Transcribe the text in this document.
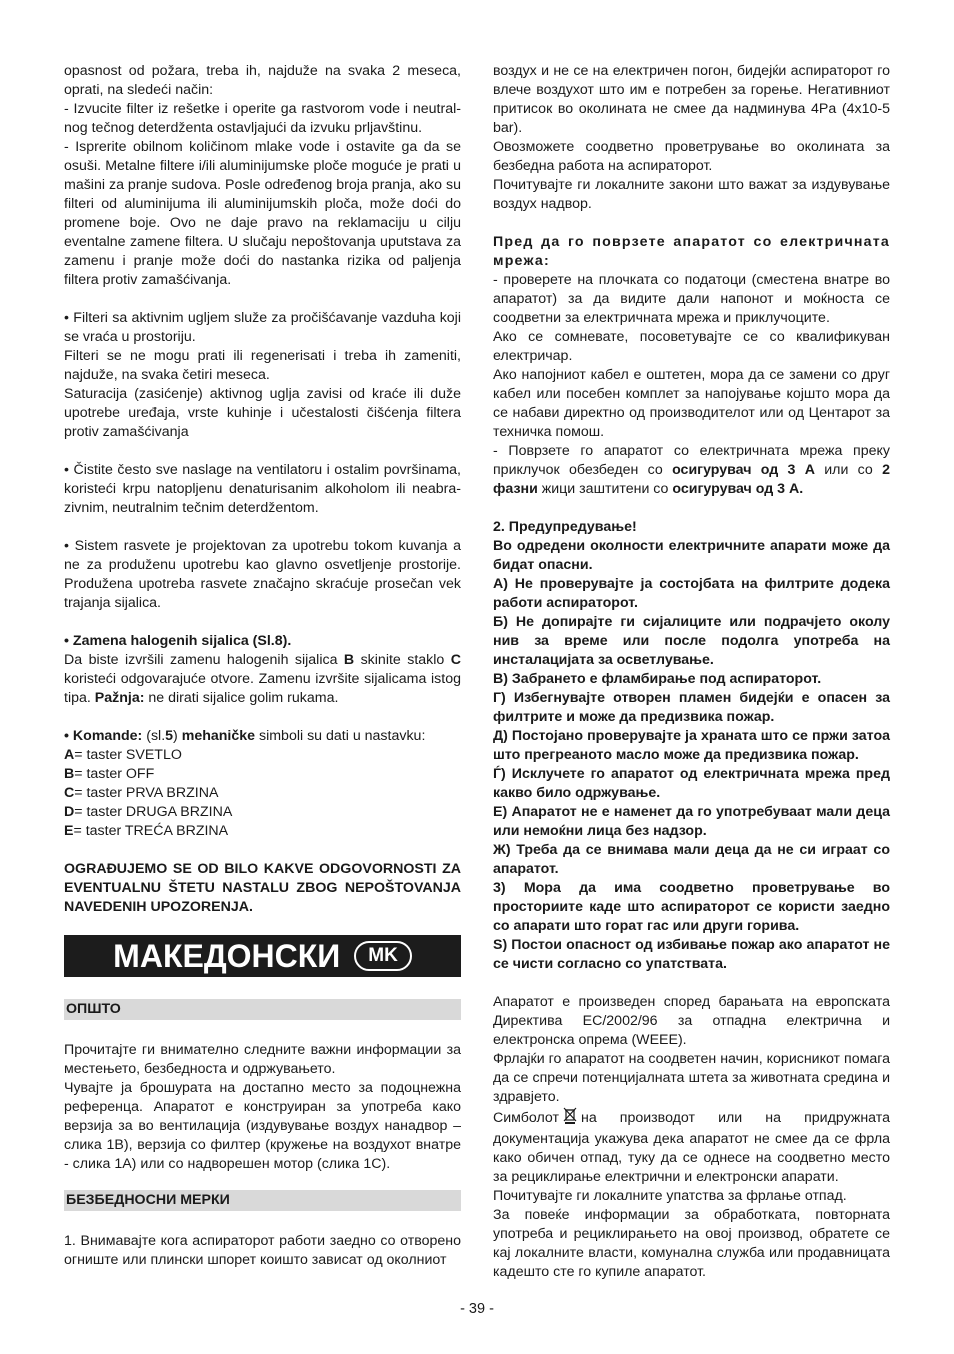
opasnost od požara, treba ih, najduže na svaka 2 meseca, oprati, na sledeći način:

- Izvucite filter iz rešetke i operite ga rastvorom vode i neutral-nog tečnog deterdženta ostavljajući da izvuku prljavštinu.

- Isprerite obilnom količinom mlake vode i ostavite ga da se osuši. Metalne filtere i/ili aluminijumske ploče moguće je prati u mašini za pranje sudova. Posle određenog broja pranja, ako su filteri od aluminijuma ili aluminijumskih ploča, može doći do promene boje. Ovo ne daje pravo na reklamaciju u cilju eventalne zamene filtera. U slučaju nepoštovanja uputstava za zamenu i pranje može doći do nastanka rizika od paljenja filtera protiv zamašćivanja.

• Filteri sa aktivnim ugljem služe za pročišćavanje vazduha koji se vraća u prostoriju.

Filteri se ne mogu prati ili regenerisati i treba ih zameniti, najduže, na svaka četiri meseca.

Saturacija (zasićenje) aktivnog uglja zavisi od kraće ili duže upotrebe uređaja, vrste kuhinje i učestalosti čišćenja filtera protiv zamašćivanja

• Čistite često sve naslage na ventilatoru i ostalim površinama, koristeći krpu natopljenu denaturisanim alkoholom ili neabra-zivnim, neutralnim tečnim deterdžentom.

• Sistem rasvete je projektovan za upotrebu tokom kuvanja a ne za produženu upotrebu kao glavno osvetljenje prostorije. Produžena upotreba rasvete značajno skraćuje prosečan vek trajanja sijalica.

• Zamena halogenih sijalica (Sl.8).

Da biste izvršili zamenu halogenih sijalica B skinite staklo C koristeći odgovarajuće otvore. Zamenu izvršite sijalicama istog tipa. Pažnja: ne dirati sijalice golim rukama.

• Komande: (sl.5) mehaničke simboli su dati u nastavku:

A= taster SVETLO

B= taster OFF

C= taster PRVA BRZINA

D= taster DRUGA BRZINA

E= taster TREĆA BRZINA

OGRAĐUJEMO SE OD BILO KAKVE ODGOVORNOSTI ZA EVENTUALNU ŠTETU NASTALU ZBOG NEPOŠTOVANJA NAVEDENIH UPOZORENJA.

МАКЕДОНСКИ	MK
ОПШТО

Прочитајте ги внимателно следните важни информации за местењето, безбедноста и одржувањето.

Чувајте ја брошурата на достапно место за подоцнежна референца. Апаратот е конструиран за употреба како верзија за во вентилација (издувување воздух нанадвор – слика 1B), верзија со филтер (кружење на воздухот внатре - слика 1A) или со надворешен мотор (слика 1C).

БЕЗБЕДНОСНИ МЕРКИ

1. Внимавајте кога аспираторот работи заедно со отворено огниште или плински шпорет коишто зависат од околниот

воздух и не се на електричен погон, бидејќи аспираторот го влече воздухот што им е потребен за горење. Негативниот притисок во околината не смее да надминува 4Pa (4x10-5 bar).

Овозможете соодветно проветрување во околината за безбедна работа на аспираторот.

Почитувајте ги локалните закони што важат за издувување воздух надвор.

Пред да го поврзете апаратот со електричната мрежа:

- проверете на плочката со податоци (сместена внатре во апаратот) за да видите дали напонот и моќноста се соодветни за електричната мрежа и приклучоците.

Ако се сомневате, посоветувајте се со квалификуван електричар.

Ако напојниот кабел е оштетен, мора да се замени со друг кабел или посебен комплет за напојување којшто мора да се набави директно од производителот или од Центарот за техничка помош.

- Поврзете го апаратот со електричната мрежа преку приклучок обезбеден со осигурувач од 3 A или со 2 фазни жици заштитени со осигурувач од 3 A.

2. Предупредување!

Во одредени околности електричните апарати може да бидат опасни.

А) Не проверувајте ја состојбата на филтрите додека работи аспираторот.

Б) Не допирајте ги сијалиците или подрачјето околу нив за време или после подолга употреба на инсталацијата за осветлување.

В) Забрането е фламбирање под аспираторот.

Г) Избегнувајте отворен пламен бидејќи е опасен за филтрите и може да предизвика пожар.

Д) Постојано проверувајте ја храната што се пржи затоа што прегреаното масло може да предизвика пожар.

Ѓ) Исклучете го апаратот од електричната мрежа пред какво било одржување.

Е) Апаратот не е наменет да го употребуваат мали деца или немоќни лица без надзор.

Ж) Треба да се внимава мали деца да не си играат со апаратот.

3) Мора да има соодветно проветрување во просториите каде што аспираторот се користи заедно со апарати што горат гас или други горива.

Ѕ) Постои опасност од избивање пожар ако апаратот не се чисти согласно со упатствата.

Апаратот е произведен според барањата на европската Директива EC/2002/96 за отпадна електрична и електронска опрема (WEEE).

Фрлајќи го апаратот на соодветен начин, корисникот помага да се спречи потенцијалната штета за животната средина и здравјето.

Симболот на производот или на придружната документација укажува дека апаратот не смее да се фрла како обичен отпад, туку да се однесе на соодветно место за рециклирање електрични и електронски апарати.

Почитувајте ги локалните упатства за фрлање отпад.

За повеќе информации за обработката, повторната употреба и рециклирањето на овој производ, обратете се кај локалните власти, комунална служба или продавницата кадешто сте го купиле апаратот.

- 39 -
